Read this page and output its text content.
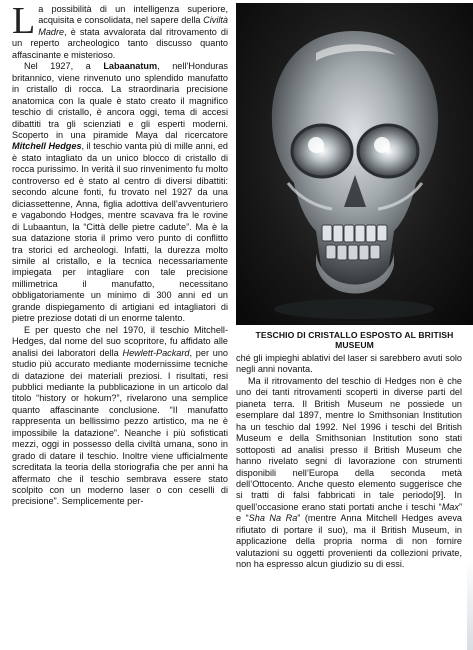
La possibilità di un intelligenza superiore, acquisita e consolidata, nel sapere della Civiltà Madre, è stata avvalorata dal ritrovamento di un reperto archeologico tanto discusso quanto affascinante e misterioso.

Nel 1927, a Labaanatum, nell’Honduras britannico, viene rinvenuto uno splendido manufatto in cristallo di rocca. La straordinaria precisione anatomica con la quale è stato creato il magnifico teschio di cristallo, è ancora oggi, tema di accesi dibattiti tra gli scienziati e gli esperti moderni. Scoperto in una piramide Maya dal ricercatore Mitchell Hedges, il teschio vanta più di mille anni, ed è stato intagliato da un unico blocco di cristallo di rocca purissimo. In verità il suo rinvenimento fu molto controverso ed è stato al centro di diversi dibattiti: secondo alcune fonti, fu trovato nel 1927 da una diciassettenne, Anna, figlia adottiva dell’avventuriero e vagabondo Hodges, mentre scavava fra le rovine di Lubaantun, la “Città delle pietre cadute”. Ma è la sua datazione storia il primo vero punto di conflitto tra storici ed archeologi. Infatti, la durezza molto simile al cristallo, e la tecnica necessariamente impiegata per intagliare con tale precisione millimetrica il manufatto, necessitano obbligatoriamente un minimo di 300 anni ed un grande dispiegamento di artigiani ed intagliatori di pietre preziose dotati di un enorme talento.

E per questo che nel 1970, il teschio Mitchell-Hedges, dal nome del suo scopritore, fu affidato alle analisi dei laboratori della Hewlett-Packard, per uno studio più accurato mediante modernissime tecniche di datazione dei materiali preziosi. I risultati, resi pubblici mediante la pubblicazione in un articolo dal titolo “history or hokum?”, rivelarono una semplice quanto affascinante conclusione. “Il manufatto rappresenta un bellissimo pezzo artistico, ma ne è impossibile la datazione”. Neanche i più sofisticati mezzi, oggi in possesso della civiltà umana, sono in grado di datare il teschio. Inoltre viene ufficialmente screditata la teoria della storiografia che per anni ha affermato che il teschio sembrava essere stato scolpito con un moderno laser o con ceselli di precisione”. Semplicemente per-

TESCHIO DI CRISTALLO ESPOSTO AL BRITISH MUSEUM

ché gli impieghi ablativi del laser si sarebbero avuti solo negli anni novanta.

Ma il ritrovamento del teschio di Hedges non è che uno dei tanti ritrovamenti scoperti in diverse parti del pianeta terra. Il British Museum ne possiede un esemplare dal 1897, mentre lo Smithsonian Institution ha un teschio dal 1992. Nel 1996 i teschi del British Museum e della Smithsonian Institution sono stati sottoposti ad analisi presso il British Museum che hanno rivelato segni di lavorazione con strumenti disponibili nell’Europa della seconda metà dell’Ottocento. Anche questo elemento suggerisce che si tratti di falsi fabbricati in tale periodo[9]. In quell’occasione erano stati portati anche i teschi “Max” e “Sha Na Ra” (mentre Anna Mitchell Hedges aveva rifiutato di portare il suo), ma il British Museum, in applicazione della propria norma di non fornire valutazioni su oggetti provenienti da collezioni private, non ha espresso alcun giudizio su di essi.
